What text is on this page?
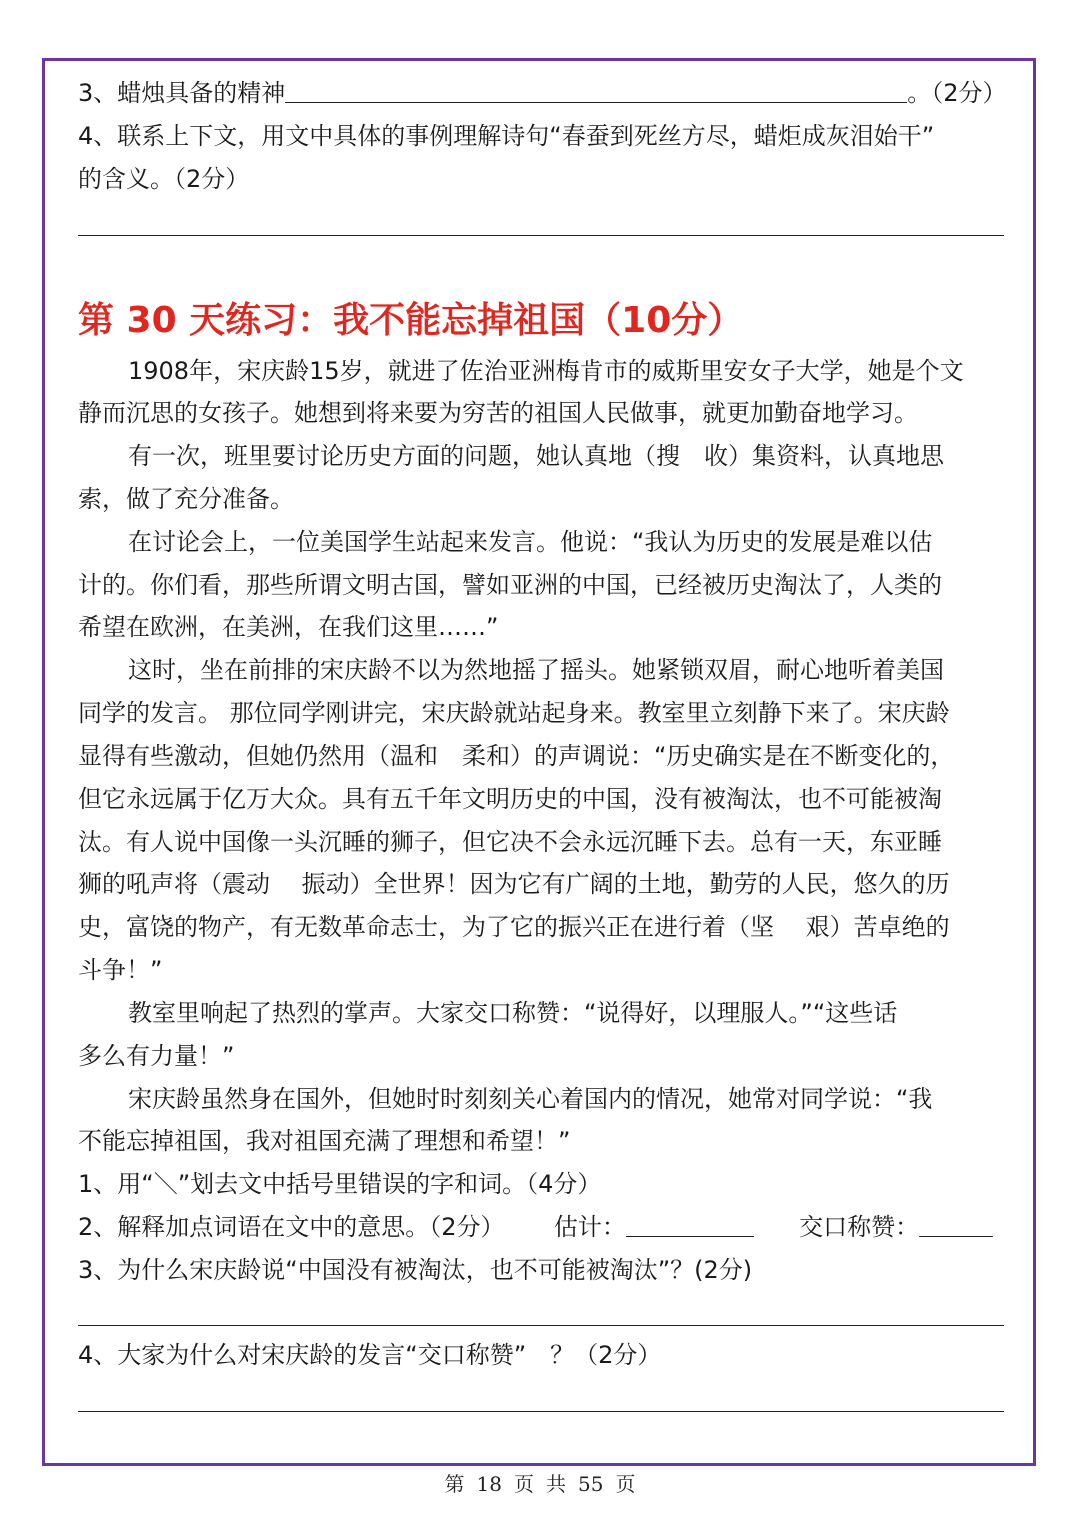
3、蜡烛具备的精神	。（2分）
4、联系上下文，用文中具体的事例理解诗句“春蚕到死丝方尽，蜡炬成灰泪始干”
的含义。（2分）
第 30 天练习：我不能忘掉祖国（10分）
1908年，宋庆龄15岁，就进了佐治亚洲梅肯市的威斯里安女子大学，她是个文
静而沉思的女孩子。她想到将来要为穷苦的祖国人民做事，就更加勤奋地学习。
有一次，班里要讨论历史方面的问题，她认真地（搜　收）集资料，认真地思
索，做了充分准备。
在讨论会上，一位美国学生站起来发言。他说：“我认为历史的发展是难以估
计的。你们看，那些所谓文明古国，譬如亚洲的中国，已经被历史淘汰了，人类的
希望在欧洲，在美洲，在我们这里……”
这时，坐在前排的宋庆龄不以为然地摇了摇头。她紧锁双眉，耐心地听着美国
同学的发言。 那位同学刚讲完，宋庆龄就站起身来。教室里立刻静下来了。宋庆龄
显得有些激动，但她仍然用（温和　柔和）的声调说：“历史确实是在不断变化的，
但它永远属于亿万大众。具有五千年文明历史的中国，没有被淘汰，也不可能被淘
汰。有人说中国像一头沉睡的狮子，但它决不会永远沉睡下去。总有一天，东亚睡
狮的吼声将（震动　 振动）全世界！因为它有广阔的土地，勤劳的人民，悠久的历
史，富饶的物产，有无数革命志士，为了它的振兴正在进行着（坚　 艰）苦卓绝的
斗争！”
教室里响起了热烈的掌声。大家交口称赞：“说得好，以理服人。”“这些话
多么有力量！”
宋庆龄虽然身在国外，但她时时刻刻关心着国内的情况，她常对同学说：“我
不能忘掉祖国，我对祖国充满了理想和希望！”
1、用“＼”划去文中括号里错误的字和词。（4分）
2、解释加点词语在文中的意思。（2分） 估计：	交口称赞：
3、为什么宋庆龄说“中国没有被淘汰，也不可能被淘汰”？(2分)
4、大家为什么对宋庆龄的发言“交口称赞”　？（2分）
第 18 页 共 55 页
